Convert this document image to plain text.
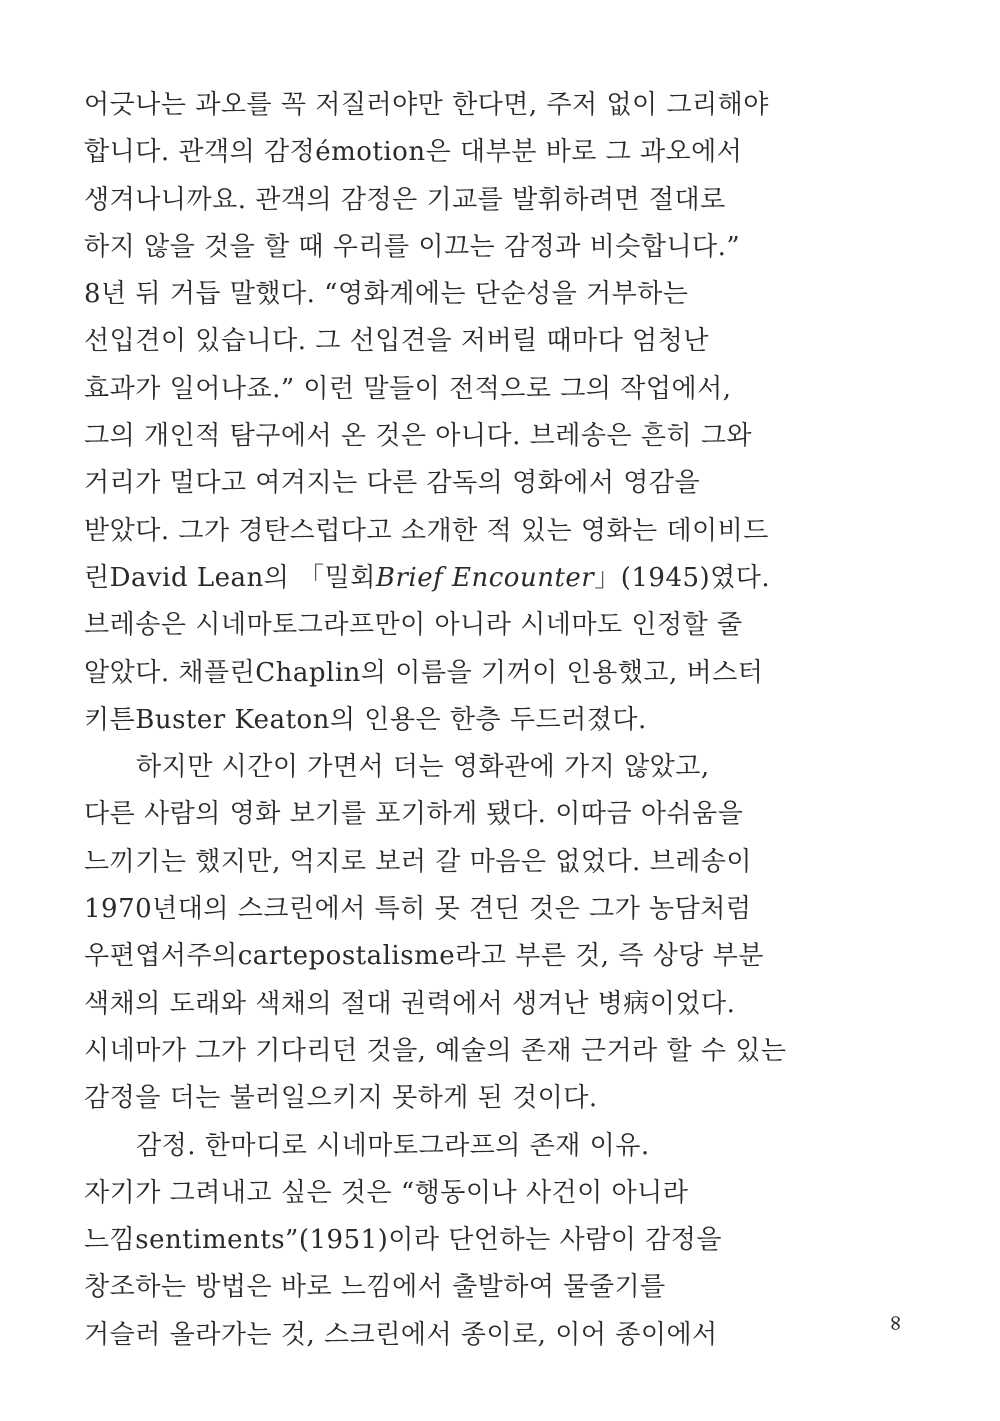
어긋나는 과오를 꼭 저질러야만 한다면, 주저 없이 그리해야
합니다. 관객의 감정émotion은 대부분 바로 그 과오에서
생겨나니까요. 관객의 감정은 기교를 발휘하려면 절대로
하지 않을 것을 할 때 우리를 이끄는 감정과 비슷합니다.”
8년 뒤 거듭 말했다. “영화계에는 단순성을 거부하는
선입견이 있습니다. 그 선입견을 저버릴 때마다 엄청난
효과가 일어나죠.” 이런 말들이 전적으로 그의 작업에서,
그의 개인적 탐구에서 온 것은 아니다. 브레송은 흔히 그와
거리가 멀다고 여겨지는 다른 감독의 영화에서 영감을
받았다. 그가 경탄스럽다고 소개한 적 있는 영화는 데이비드
린David Lean의 「밀회Brief Encounter」(1945)였다.
브레송은 시네마토그라프만이 아니라 시네마도 인정할 줄
알았다. 채플린Chaplin의 이름을 기꺼이 인용했고, 버스터
키튼Buster Keaton의 인용은 한층 두드러졌다.
하지만 시간이 가면서 더는 영화관에 가지 않았고,
다른 사람의 영화 보기를 포기하게 됐다. 이따금 아쉬움을
느끼기는 했지만, 억지로 보러 갈 마음은 없었다. 브레송이
1970년대의 스크린에서 특히 못 견딘 것은 그가 농담처럼
우편엽서주의cartepostalisme라고 부른 것, 즉 상당 부분
색채의 도래와 색채의 절대 권력에서 생겨난 병病이었다.
시네마가 그가 기다리던 것을, 예술의 존재 근거라 할 수 있는
감정을 더는 불러일으키지 못하게 된 것이다.
감정. 한마디로 시네마토그라프의 존재 이유.
자기가 그려내고 싶은 것은 “행동이나 사건이 아니라
느낌sentiments”(1951)이라 단언하는 사람이 감정을
창조하는 방법은 바로 느낌에서 출발하여 물줄기를
거슬러 올라가는 것, 스크린에서 종이로, 이어 종이에서	∞
